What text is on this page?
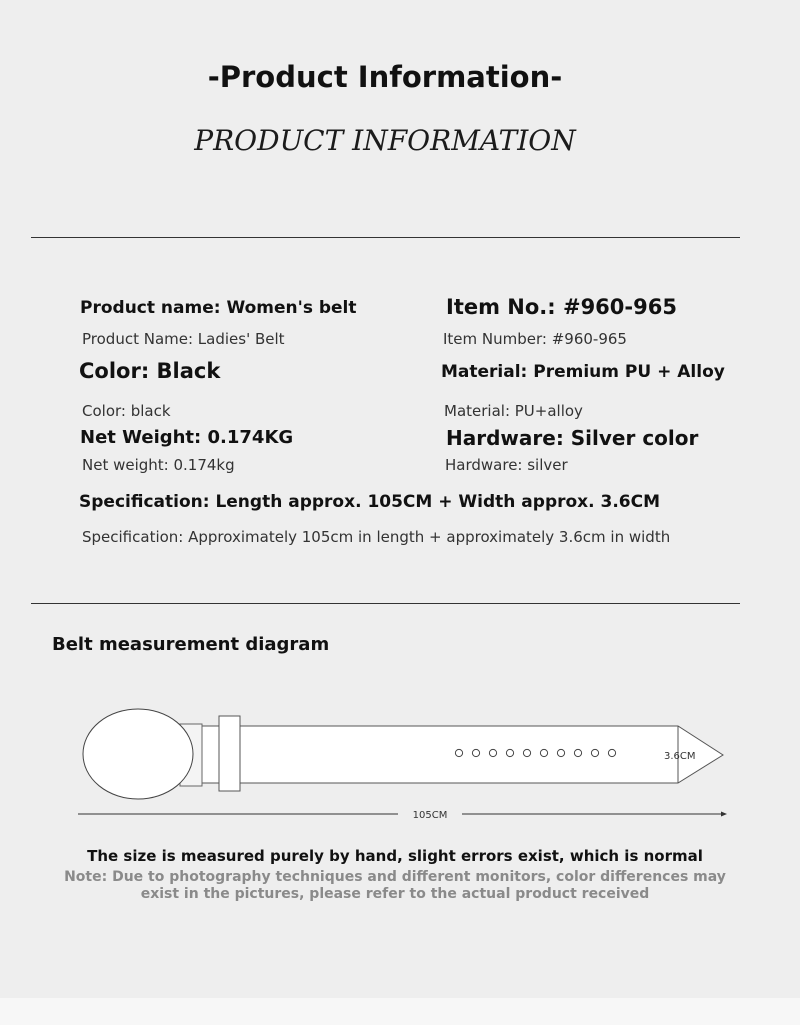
-Product Information-
PRODUCT INFORMATION
Product name: Women's belt
Product Name: Ladies' Belt
Item No.: #960-965
Item Number: #960-965
Color: Black
Color: black
Material: Premium PU + Alloy
Material: PU+alloy
Net Weight: 0.174KG
Net weight: 0.174kg
Hardware: Silver color
Hardware: silver
Specification: Length approx. 105CM + Width approx. 3.6CM
Specification: Approximately 105cm in length + approximately 3.6cm in width
Belt measurement diagram
3.6CM
105CM
The size is measured purely by hand, slight errors exist, which is normal
Note: Due to photography techniques and different monitors, color differences may exist in the pictures, please refer to the actual product received
